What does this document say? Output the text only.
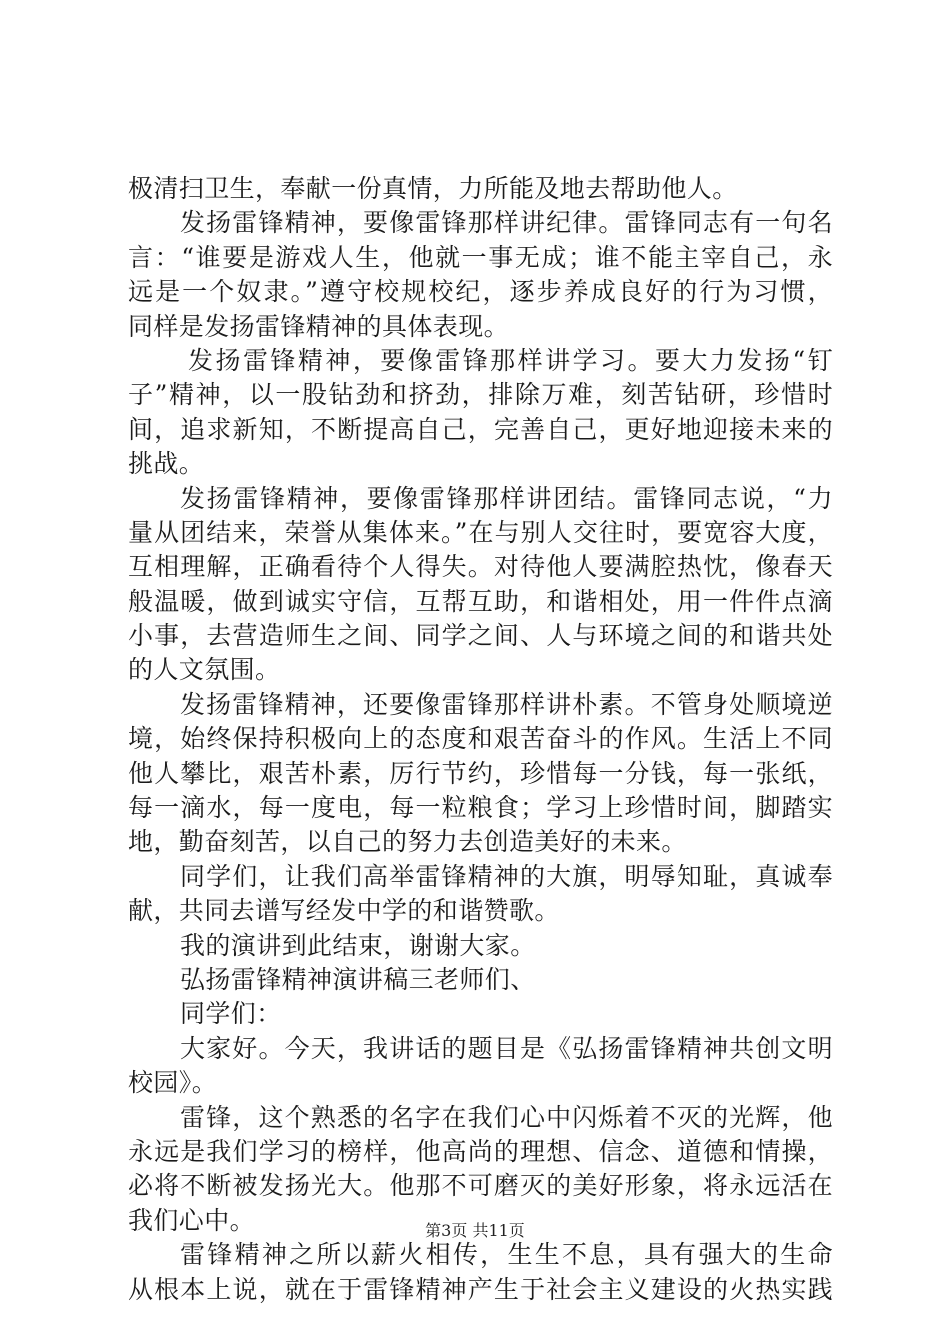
极清扫卫生，奉献一份真情，力所能及地去帮助他人。
发扬雷锋精神，要像雷锋那样讲纪律。雷锋同志有一句名
言：“谁要是游戏人生，他就一事无成；谁不能主宰自己，永
远是一个奴隶。”遵守校规校纪，逐步养成良好的行为习惯，
同样是发扬雷锋精神的具体表现。
发扬雷锋精神，要像雷锋那样讲学习。要大力发扬“钉
子”精神，以一股钻劲和挤劲，排除万难，刻苦钻研，珍惜时
间，追求新知，不断提高自己，完善自己，更好地迎接未来的
挑战。
发扬雷锋精神，要像雷锋那样讲团结。雷锋同志说，“力
量从团结来，荣誉从集体来。”在与别人交往时，要宽容大度，
互相理解，正确看待个人得失。对待他人要满腔热忱，像春天
般温暖，做到诚实守信，互帮互助，和谐相处，用一件件点滴
小事，去营造师生之间、同学之间、人与环境之间的和谐共处
的人文氛围。
发扬雷锋精神，还要像雷锋那样讲朴素。不管身处顺境逆
境，始终保持积极向上的态度和艰苦奋斗的作风。生活上不同
他人攀比，艰苦朴素，厉行节约，珍惜每一分钱，每一张纸，
每一滴水，每一度电，每一粒粮食；学习上珍惜时间，脚踏实
地，勤奋刻苦，以自己的努力去创造美好的未来。
同学们，让我们高举雷锋精神的大旗，明辱知耻，真诚奉
献，共同去谱写经发中学的和谐赞歌。
我的演讲到此结束，谢谢大家。
弘扬雷锋精神演讲稿三老师们、
同学们：
大家好。今天，我讲话的题目是《弘扬雷锋精神共创文明
校园》。
雷锋，这个熟悉的名字在我们心中闪烁着不灭的光辉，他
永远是我们学习的榜样，他高尚的理想、信念、道德和情操，
必将不断被发扬光大。他那不可磨灭的美好形象，将永远活在
我们心中。
雷锋精神之所以薪火相传，生生不息，具有强大的生命
从根本上说，就在于雷锋精神产生于社会主义建设的火热实践
第3页 共11页
